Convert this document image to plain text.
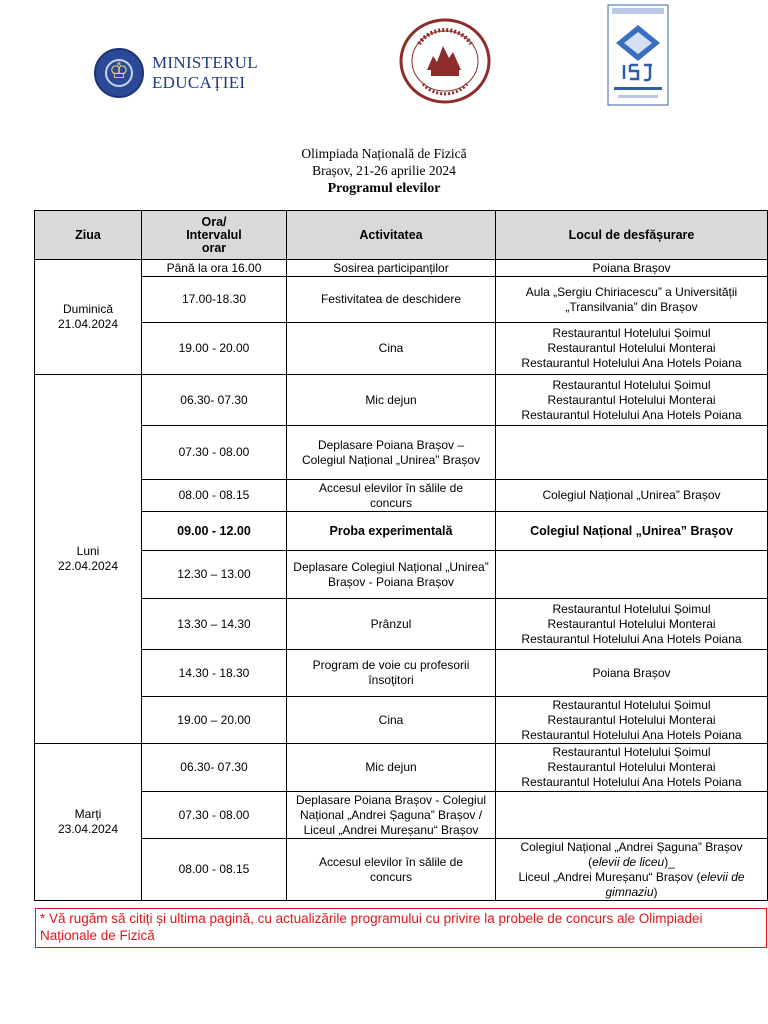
♔
MINISTERUL EDUCAȚIEI
Olimpiada Națională de Fizică
Brașov, 21-26 aprilie 2024
Programul elevilor
Ziua	Ora/
Intervalul
orar	Activitatea	Locul de desfășurare
Duminică
21.04.2024	Până la ora 16.00	Sosirea participanților	Poiana Brașov
	17.00-18.30	Festivitatea de deschidere	Aula „Sergiu Chiriacescu” a Universității
„Transilvania” din Brașov
	19.00 - 20.00	Cina	Restaurantul Hotelului Șoimul
Restaurantul Hotelului Monterai
Restaurantul Hotelului Ana Hotels Poiana
Luni
22.04.2024	06.30- 07.30	Mic dejun	Restaurantul Hotelului Șoimul
Restaurantul Hotelului Monterai
Restaurantul Hotelului Ana Hotels Poiana
	07.30 - 08.00	Deplasare Poiana Brașov –
Colegiul Național „Unirea” Brașov	
	08.00 - 08.15	Accesul elevilor în sălile de
concurs	Colegiul Național „Unirea” Brașov
	09.00 - 12.00	Proba experimentală	Colegiul Național „Unirea” Brașov
	12.30 – 13.00	Deplasare Colegiul Național „Unirea”
Brașov - Poiana Brașov	
	13.30 – 14.30	Prânzul	Restaurantul Hotelului Șoimul
Restaurantul Hotelului Monterai
Restaurantul Hotelului Ana Hotels Poiana
	14.30 - 18.30	Program de voie cu profesorii
însoțitori	Poiana Brașov
	19.00 – 20.00	Cina	Restaurantul Hotelului Șoimul
Restaurantul Hotelului Monterai
Restaurantul Hotelului Ana Hotels Poiana
Marți
23.04.2024	06.30- 07.30	Mic dejun	Restaurantul Hotelului Șoimul
Restaurantul Hotelului Monterai
Restaurantul Hotelului Ana Hotels Poiana
	07.30 - 08.00	Deplasare Poiana Brașov - Colegiul
Național „Andrei Șaguna” Brașov /
Liceul „Andrei Mureșanu“ Brașov	
	08.00 - 08.15	Accesul elevilor în sălile de
concurs	Colegiul Național „Andrei Șaguna” Brașov
(elevii de liceu)_
Liceul „Andrei Mureșanu“ Brașov (elevii de gimnaziu)
* Vă rugăm să citiți și ultima pagină, cu actualizările programului cu privire la probele de concurs ale Olimpiadei Naționale de Fizică
